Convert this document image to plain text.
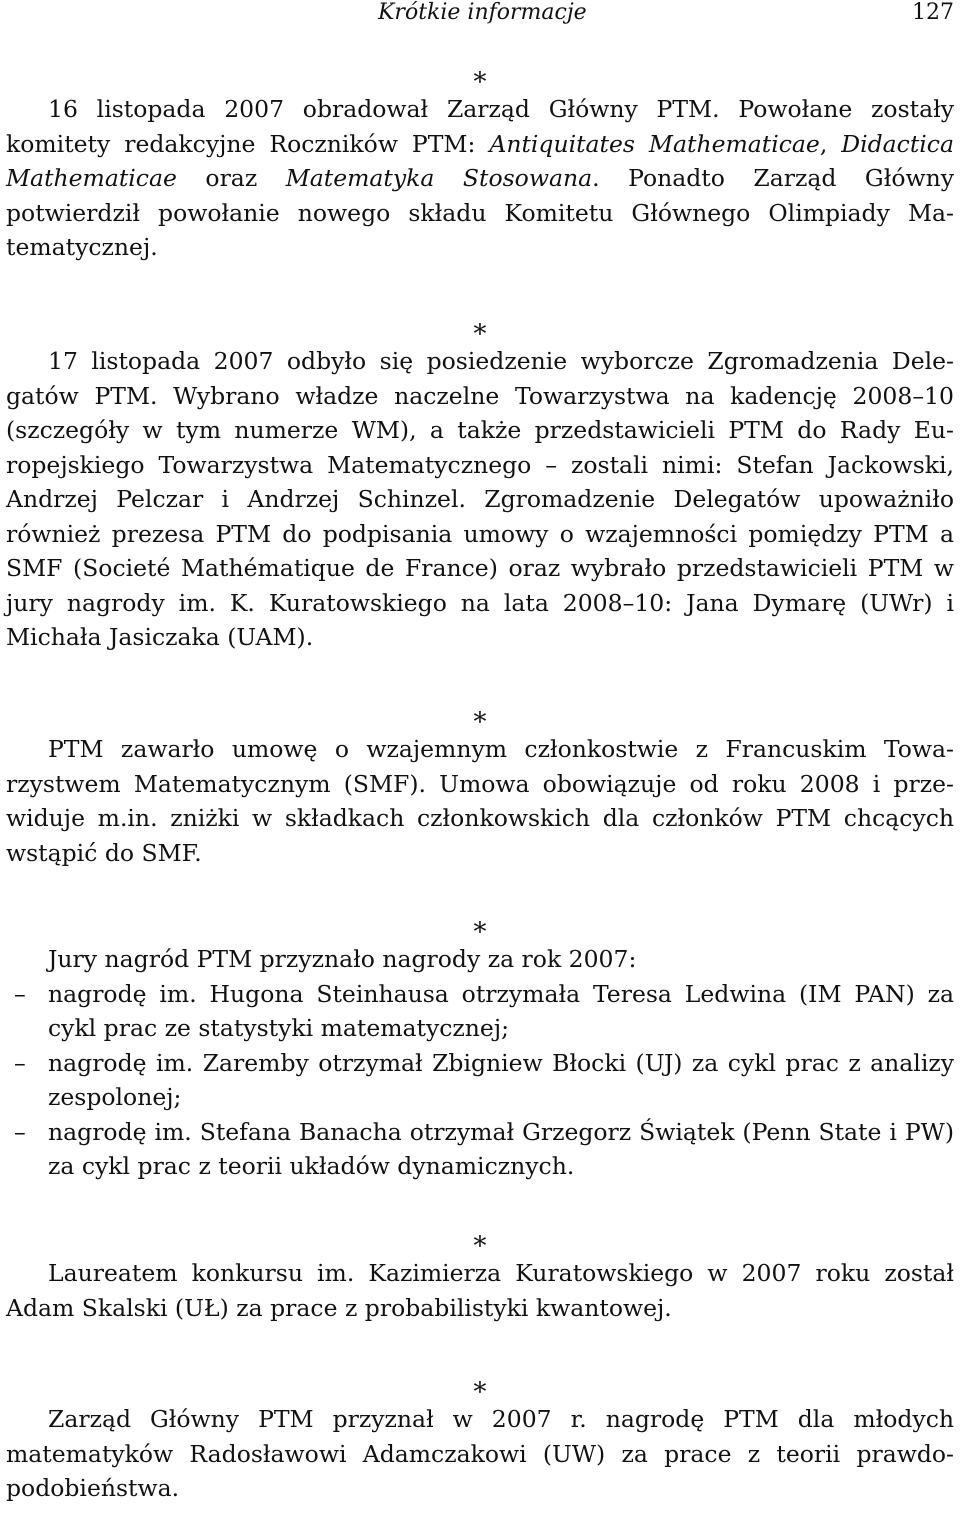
Krótkie informacje	127
∗

16 listopada 2007 obradował Zarząd Główny PTM. Powołane zostały komitety redakcyjne Roczników PTM: Antiquitates Mathematicae, Didactica Mathematicae oraz Matematyka Stosowana. Ponadto Zarząd Główny potwierdził powołanie nowego składu Komitetu Głównego Olimpiady Matematycznej.

∗

17 listopada 2007 odbyło się posiedzenie wyborcze Zgromadzenia Delegatów PTM. Wybrano władze naczelne Towarzystwa na kadencję 2008–10 (szczegóły w tym numerze WM), a także przedstawicieli PTM do Rady Europejskiego Towarzystwa Matematycznego – zostali nimi: Stefan Jackowski, Andrzej Pelczar i Andrzej Schinzel. Zgromadzenie Delegatów upoważniło również prezesa PTM do podpisania umowy o wzajemności pomiędzy PTM a SMF (Societé Mathématique de France) oraz wybrało przedstawicieli PTM w jury nagrody im. K. Kuratowskiego na lata 2008–10: Jana Dymarę (UWr) i Michała Jasiczaka (UAM).

∗

PTM zawarło umowę o wzajemnym członkostwie z Francuskim Towarzystwem Matematycznym (SMF). Umowa obowiązuje od roku 2008 i przewiduje m.in. zniżki w składkach członkowskich dla członków PTM chcących wstąpić do SMF.

∗

Jury nagród PTM przyznało nagrody za rok 2007:

– nagrodę im. Hugona Steinhausa otrzymała Teresa Ledwina (IM PAN) za cykl prac ze statystyki matematycznej;

– nagrodę im. Zaremby otrzymał Zbigniew Błocki (UJ) za cykl prac z analizy zespolonej;

– nagrodę im. Stefana Banacha otrzymał Grzegorz Świątek (Penn State i PW) za cykl prac z teorii układów dynamicznych.

∗

Laureatem konkursu im. Kazimierza Kuratowskiego w 2007 roku został Adam Skalski (UŁ) za prace z probabilistyki kwantowej.

∗

Zarząd Główny PTM przyznał w 2007 r. nagrodę PTM dla młodych matematyków Radosławowi Adamczakowi (UW) za prace z teorii prawdopodobieństwa.
